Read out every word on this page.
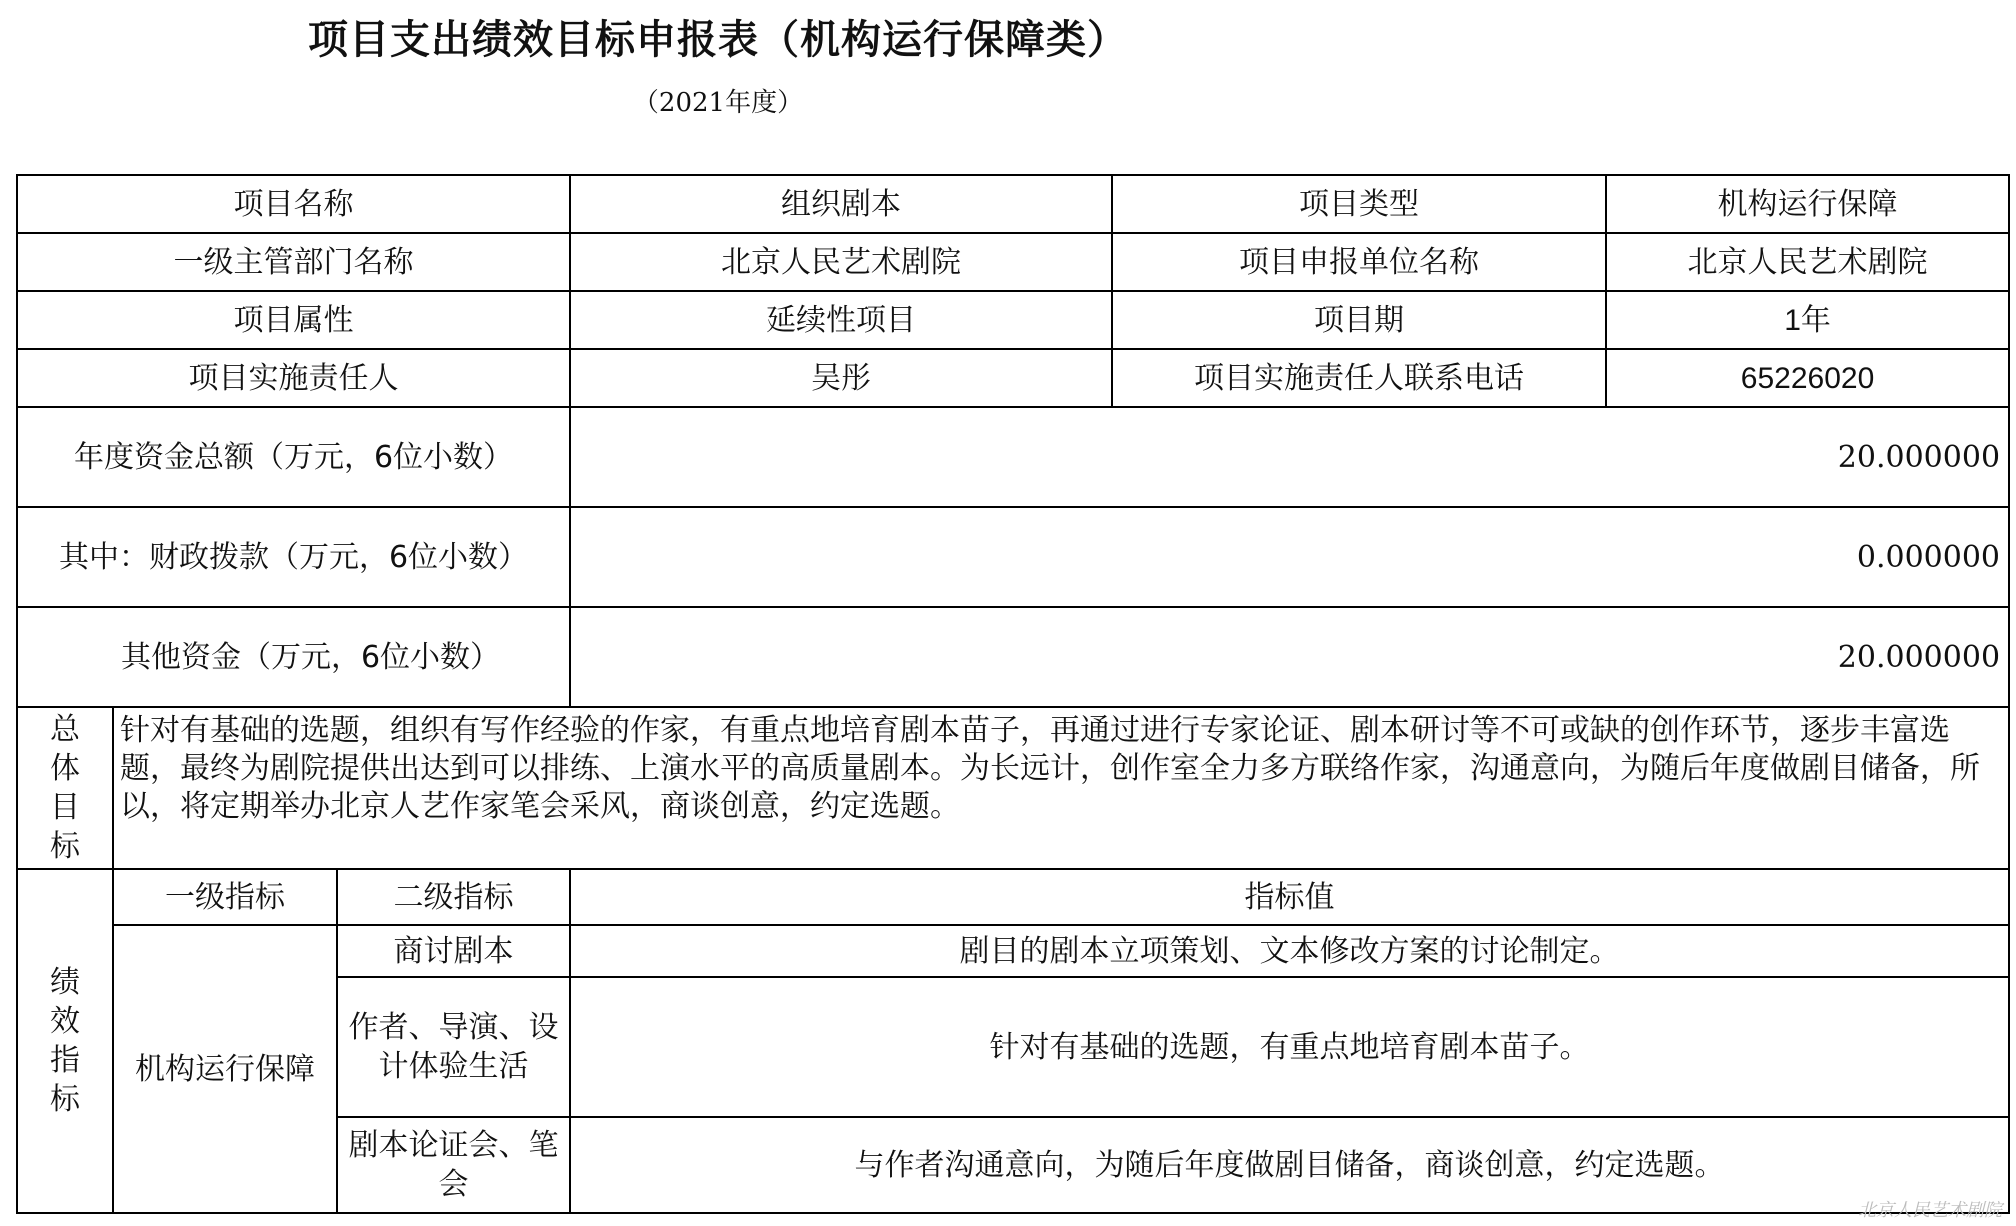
项目支出绩效目标申报表（机构运行保障类）
（2021年度）
项目名称			组织剧本	项目类型	机构运行保障
一级主管部门名称			北京人民艺术剧院	项目申报单位名称	北京人民艺术剧院
项目属性			延续性项目	项目期	1年
项目实施责任人			吴彤	项目实施责任人联系电话	65226020
年度资金总额（万元，6位小数）			20.000000		
其中：财政拨款（万元，6位小数）			0.000000		
其他资金（万元，6位小数）			20.000000		

总
体
目
标	针对有基础的选题，组织有写作经验的作家，有重点地培育剧本苗子，再通过进行专家论证、剧本研讨等不可或缺的创作环节，逐步丰富选题，最终为剧院提供出达到可以排练、上演水平的高质量剧本。为长远计，创作室全力多方联络作家，沟通意向，为随后年度做剧目储备，所以，将定期举办北京人艺作家笔会采风，商谈创意，约定选题。				

绩
效
指
标	一级指标	二级指标	指标值		
	机构运行保障	商讨剧本	剧目的剧本立项策划、文本修改方案的讨论制定。		
		作者、导演、设计体验生活	针对有基础的选题，有重点地培育剧本苗子。		
		剧本论证会、笔会	与作者沟通意向，为随后年度做剧目储备，商谈创意，约定选题。		
北京人民艺术剧院
